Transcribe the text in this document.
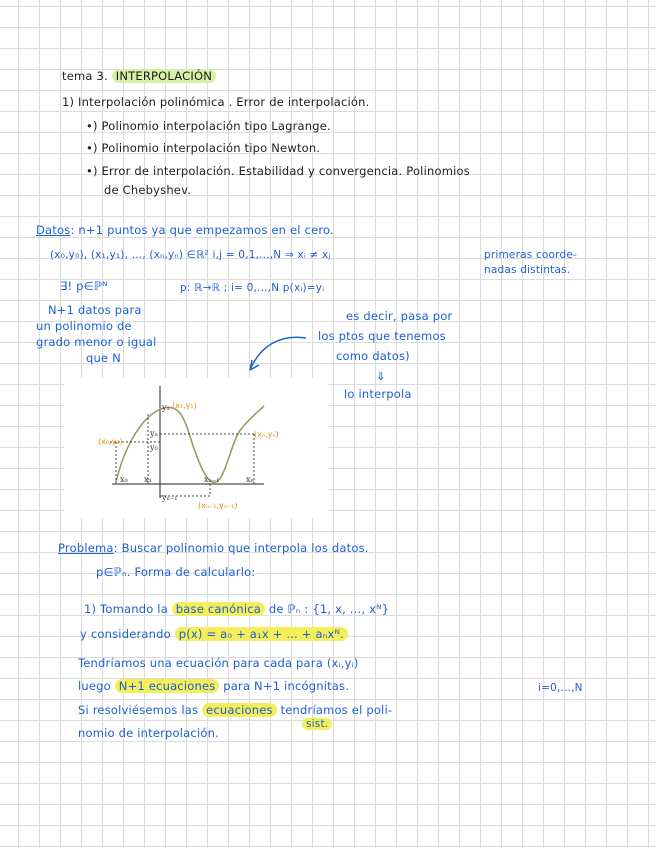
tema 3. INTERPOLACIÓN
1) Interpolación polinómica . Error de interpolación.
•) Polinomio interpolación tipo Lagrange.
•) Polinomio interpolación tipo Newton.
•) Error de interpolación. Estabilidad y convergencia. Polinomios
de Chebyshev.
Datos: n+1 puntos ya que empezamos en el cero.
(x₀,y₀), (x₁,y₁), ..., (xₙ,yₙ) ∈ℝ² i,j = 0,1,...,N ⇒ xᵢ ≠ xⱼ	primeras coorde-
nadas distintas.
∃! p∈ℙᴺ	p: ℝ→ℝ ; i= 0,...,N p(xᵢ)=yᵢ
N+1 datos para
un polinomio de
grado menor o igual
que N
es decir, pasa por
los ptos que tenemos
como datos)
⇓
lo interpola
(x₁,y₁)
(x₀,y₀)
(xₙ,yₙ)
(xₙ₋₁,yₙ₋₁)
y₁
yₙ
y₀
yₙ₋₁
x₀ x₁	xₙ₋₁	xₙ
Problema: Buscar polinomio que interpola los datos.
p∈ℙₙ. Forma de calcularlo:
1) Tomando la base canónica de ℙₙ : {1, x, ..., xᴺ}
y considerando p(x) = a₀ + a₁x + ... + aₙxᴺ.
Tendríamos una ecuación para cada para (xᵢ,yᵢ)
luego N+1 ecuaciones para N+1 incógnitas.	i=0,...,N
Si resolviésemos las ecuaciones tendríamos el poli-
sist.
nomio de interpolación.
